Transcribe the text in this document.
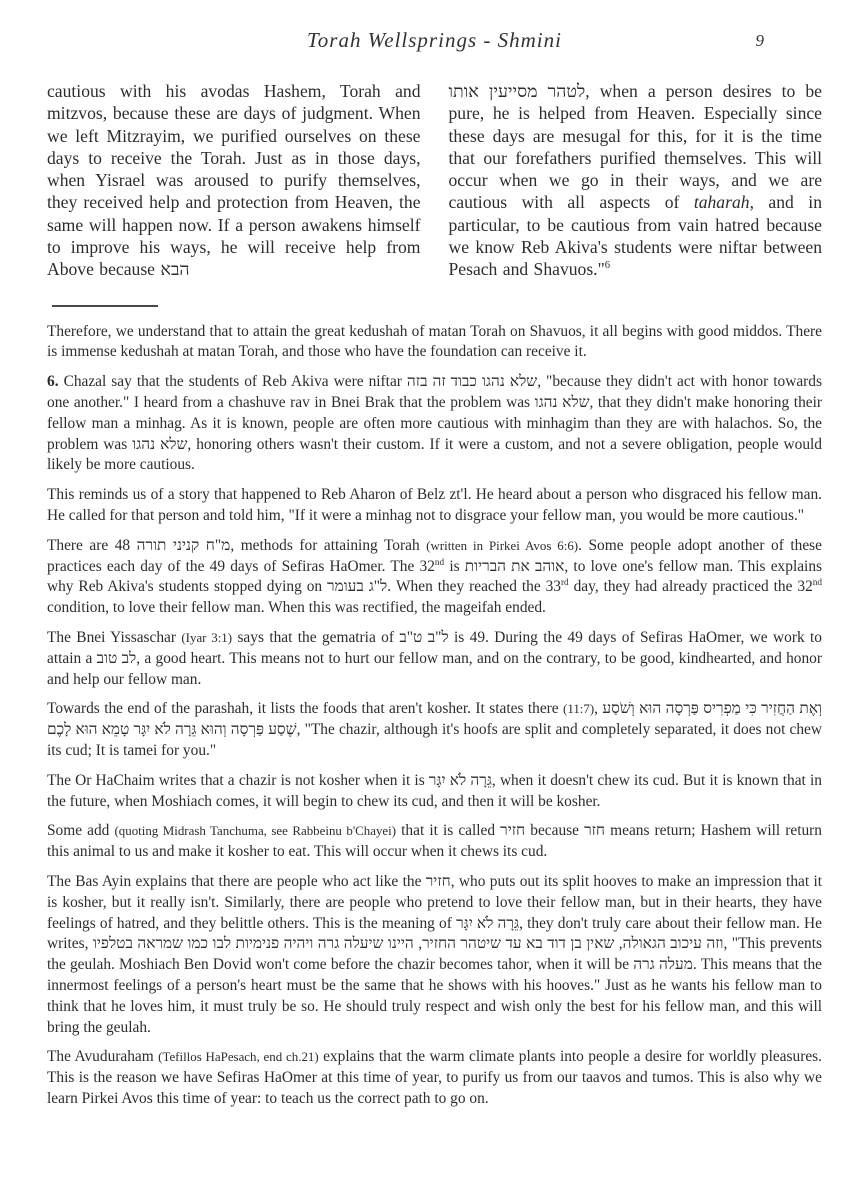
Torah Wellsprings - Shmini	9

cautious with his avodas Hashem, Torah and mitzvos, because these are days of judgment. When we left Mitzrayim, we purified ourselves on these days to receive the Torah. Just as in those days, when Yisrael was aroused to purify themselves, they received help and protection from Heaven, the same will happen now. If a person awakens himself to improve his ways, he will receive help from Above because הבא

לטהר מסייעין אותו, when a person desires to be pure, he is helped from Heaven. Especially since these days are mesugal for this, for it is the time that our forefathers purified themselves. This will occur when we go in their ways, and we are cautious with all aspects of taharah, and in particular, to be cautious from vain hatred because we know Reb Akiva's students were niftar between Pesach and Shavuos."$^6$

Therefore, we understand that to attain the great kedushah of matan Torah on Shavuos, it all begins with good middos. There is immense kedushah at matan Torah, and those who have the foundation can receive it.

6. Chazal say that the students of Reb Akiva were niftar שלא נהגו כבוד זה בזה, "because they didn't act with honor towards one another." I heard from a chashuve rav in Bnei Brak that the problem was שלא נהגו, that they didn't make honoring their fellow man a minhag. As it is known, people are often more cautious with minhagim than they are with halachos. So, the problem was שלא נהגו, honoring others wasn't their custom. If it were a custom, and not a severe obligation, people would likely be more cautious.

This reminds us of a story that happened to Reb Aharon of Belz zt'l. He heard about a person who disgraced his fellow man. He called for that person and told him, "If it were a minhag not to disgrace your fellow man, you would be more cautious."

There are 48 מ"ח קניני תורה, methods for attaining Torah (written in Pirkei Avos 6:6). Some people adopt another of these practices each day of the 49 days of Sefiras HaOmer. The 32nd is אוהב את הבריות, to love one's fellow man. This explains why Reb Akiva's students stopped dying on ל"ג בעומר. When they reached the 33rd day, they had already practiced the 32nd condition, to love their fellow man. When this was rectified, the mageifah ended.

The Bnei Yissaschar (Iyar 3:1) says that the gematria of ל"ב ט"ב is 49. During the 49 days of Sefiras HaOmer, we work to attain a לב טוב, a good heart. This means not to hurt our fellow man, and on the contrary, to be good, kindhearted, and honor and help our fellow man.

Towards the end of the parashah, it lists the foods that aren't kosher. It states there (11:7), וְאֶת הַחֲזִיר כִּי מַפְרִיס פַּרְסָה הוּא וְשֹׁסַע שֶׁסַע פַּרְסָה וְהוּא גֵּרָה לֹא יִגָּר טָמֵא הוּא לָכֶם, "The chazir, although it's hoofs are split and completely separated, it does not chew its cud; It is tamei for you."

The Or HaChaim writes that a chazir is not kosher when it is גֵּרָה לֹא יִגָּר, when it doesn't chew its cud. But it is known that in the future, when Moshiach comes, it will begin to chew its cud, and then it will be kosher.

Some add (quoting Midrash Tanchuma, see Rabbeinu b'Chayei) that it is called חזיר because חזר means return; Hashem will return this animal to us and make it kosher to eat. This will occur when it chews its cud.

The Bas Ayin explains that there are people who act like the חזיר, who puts out its split hooves to make an impression that it is kosher, but it really isn't. Similarly, there are people who pretend to love their fellow man, but in their hearts, they have feelings of hatred, and they belittle others. This is the meaning of גֵּרָה לֹא יִגָּר, they don't truly care about their fellow man. He writes, וזה עיכוב הגאולה, שאין בן דוד בא עד שיטהר החזיר, היינו שיעלה גרה ויהיה פנימיות לבו כמו שמראה בטלפיו, "This prevents the geulah. Moshiach Ben Dovid won't come before the chazir becomes tahor, when it will be מעלה גרה. This means that the innermost feelings of a person's heart must be the same that he shows with his hooves." Just as he wants his fellow man to think that he loves him, it must truly be so. He should truly respect and wish only the best for his fellow man, and this will bring the geulah.

The Avuduraham (Tefillos HaPesach, end ch.21) explains that the warm climate plants into people a desire for worldly pleasures. This is the reason we have Sefiras HaOmer at this time of year, to purify us from our taavos and tumos. This is also why we learn Pirkei Avos this time of year: to teach us the correct path to go on.
